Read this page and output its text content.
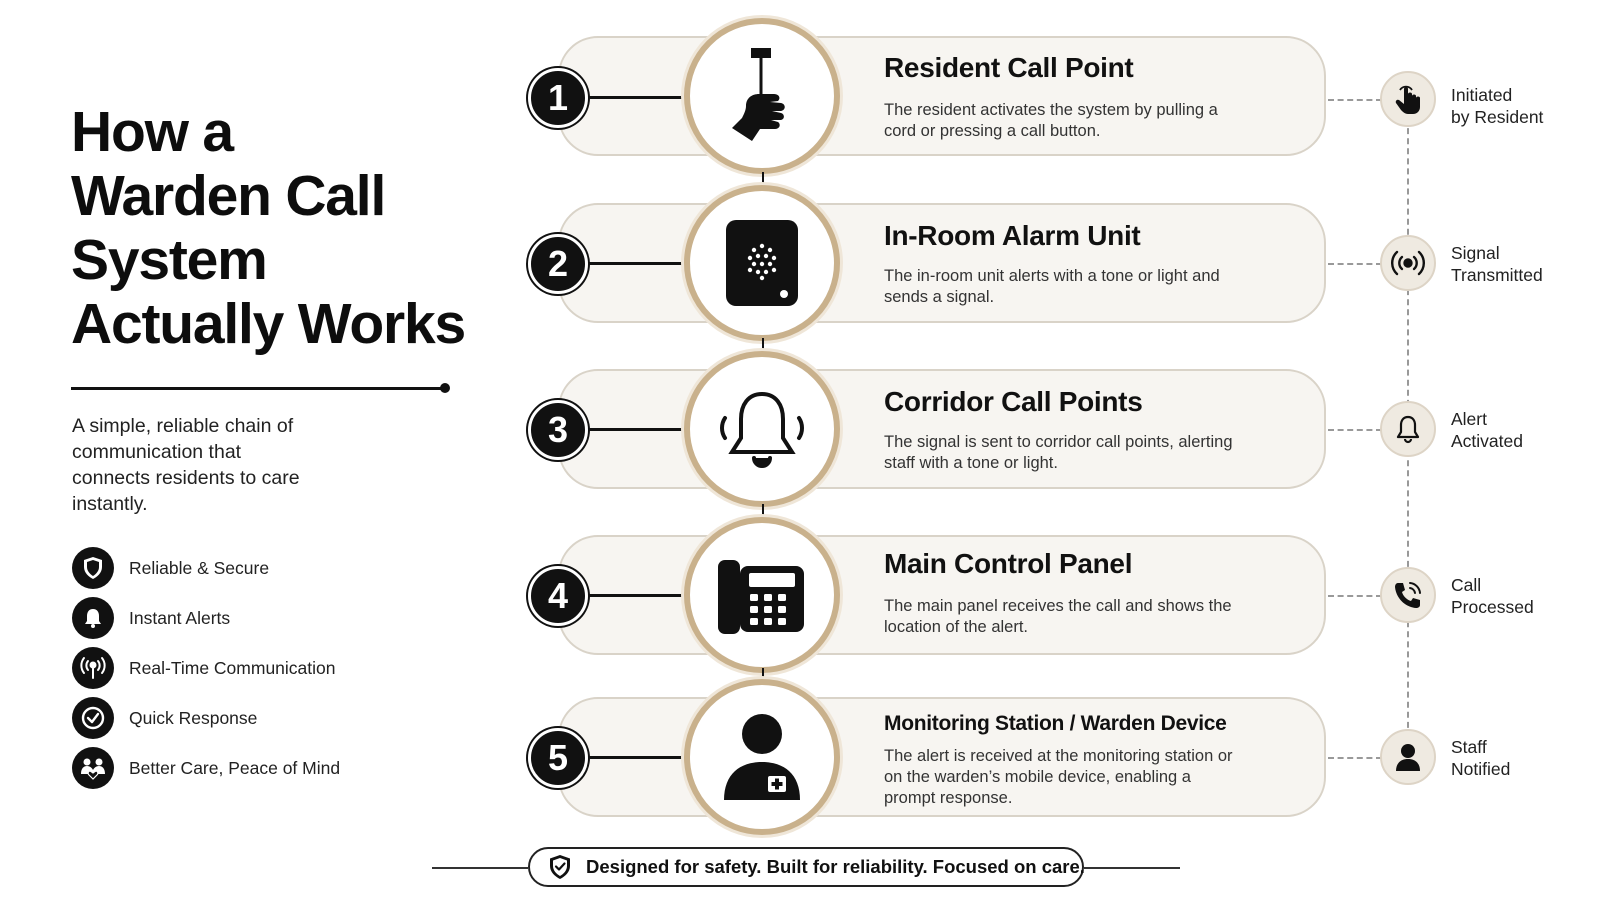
How a
Warden Call
System
Actually Works
A simple, reliable chain of communication that connects residents to care instantly.
Reliable & Secure
Instant Alerts
Real-Time Communication
Quick Response
Better Care, Peace of Mind
1
Resident Call Point
The resident activates the system by pulling a cord or pressing a call button.
2
In-Room Alarm Unit
The in-room unit alerts with a tone or light and sends a signal.
3
Corridor Call Points
The signal is sent to corridor call points, alerting staff with a tone or light.
4
Main Control Panel
The main panel receives the call and shows the location of the alert.
5
Monitoring Station / Warden Device
The alert is received at the monitoring station or on the warden’s mobile device, enabling a prompt response.
Initiated
by Resident
Signal
Transmitted
Alert
Activated
Call
Processed
Staff
Notified
Designed for safety. Built for reliability. Focused on care.
